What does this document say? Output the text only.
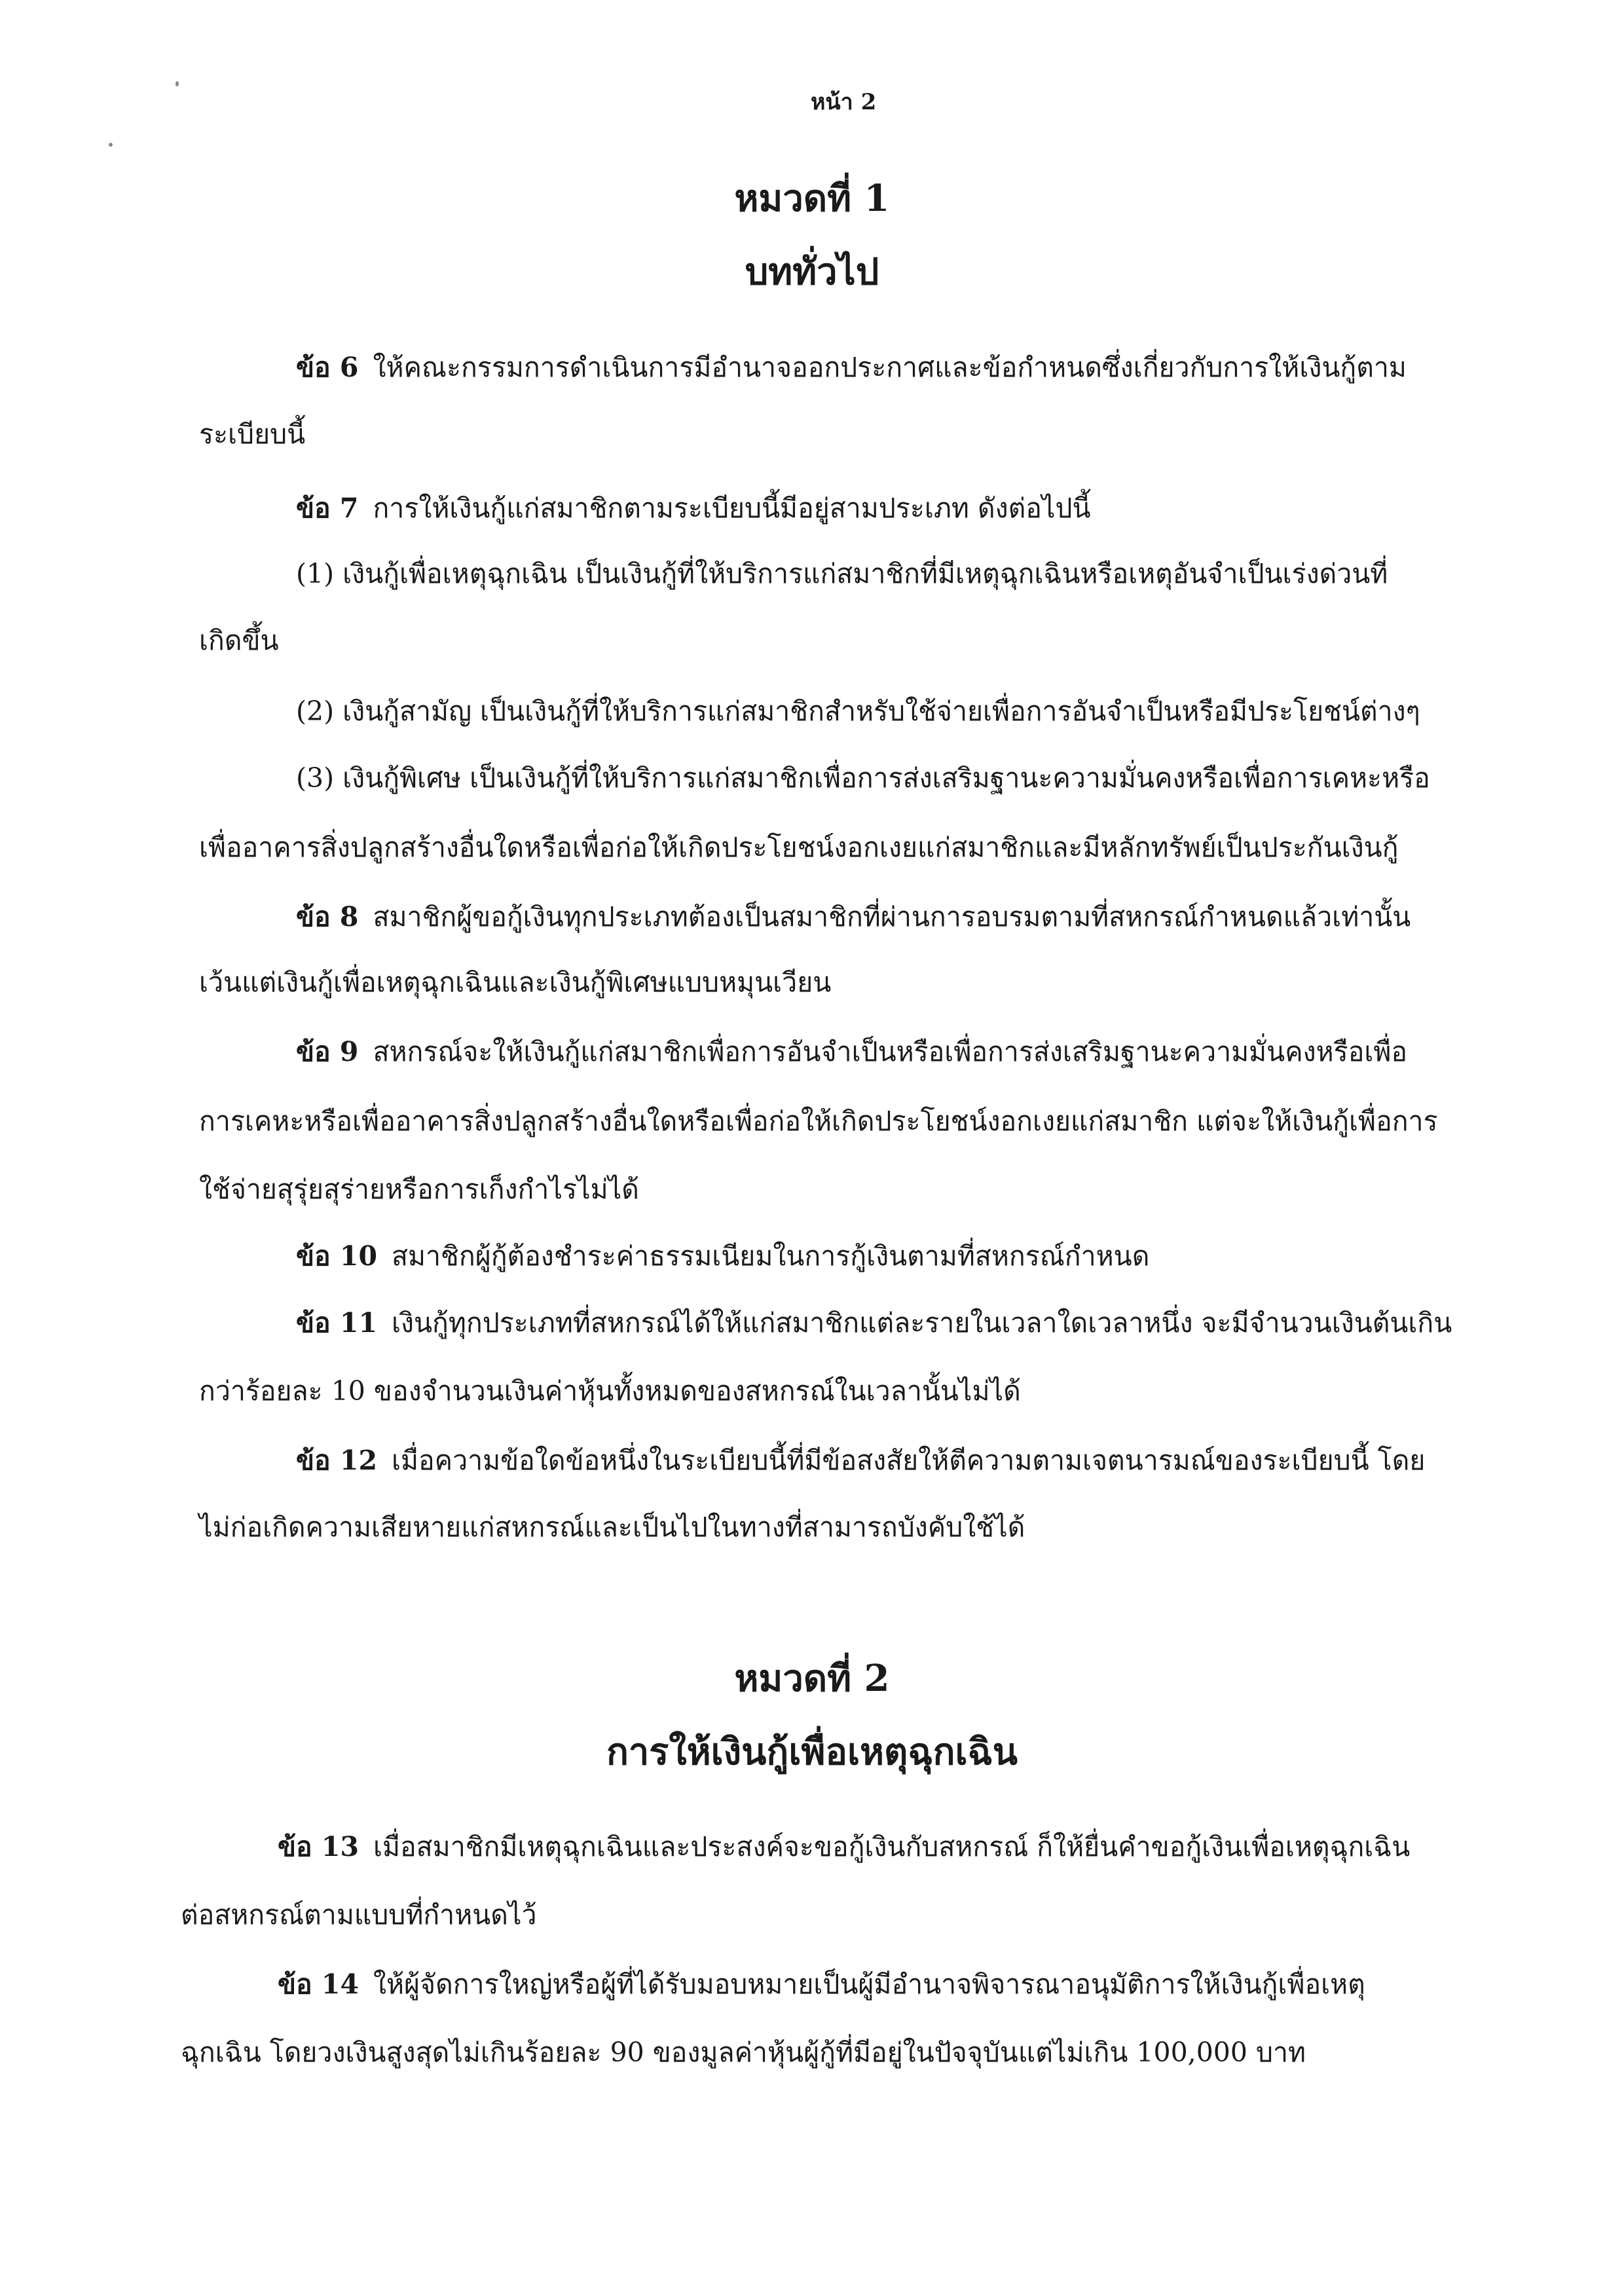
หน้า 2
หมวดที่ 1
บททั่วไป
ข้อ 6 ให้คณะกรรมการดำเนินการมีอำนาจออกประกาศและข้อกำหนดซึ่งเกี่ยวกับการให้เงินกู้ตาม
ระเบียบนี้
ข้อ 7 การให้เงินกู้แก่สมาชิกตามระเบียบนี้มีอยู่สามประเภท ดังต่อไปนี้
(1) เงินกู้เพื่อเหตุฉุกเฉิน เป็นเงินกู้ที่ให้บริการแก่สมาชิกที่มีเหตุฉุกเฉินหรือเหตุอันจำเป็นเร่งด่วนที่
เกิดขึ้น
(2) เงินกู้สามัญ เป็นเงินกู้ที่ให้บริการแก่สมาชิกสำหรับใช้จ่ายเพื่อการอันจำเป็นหรือมีประโยชน์ต่างๆ
(3) เงินกู้พิเศษ เป็นเงินกู้ที่ให้บริการแก่สมาชิกเพื่อการส่งเสริมฐานะความมั่นคงหรือเพื่อการเคหะหรือ
เพื่ออาคารสิ่งปลูกสร้างอื่นใดหรือเพื่อก่อให้เกิดประโยชน์งอกเงยแก่สมาชิกและมีหลักทรัพย์เป็นประกันเงินกู้
ข้อ 8 สมาชิกผู้ขอกู้เงินทุกประเภทต้องเป็นสมาชิกที่ผ่านการอบรมตามที่สหกรณ์กำหนดแล้วเท่านั้น
เว้นแต่เงินกู้เพื่อเหตุฉุกเฉินและเงินกู้พิเศษแบบหมุนเวียน
ข้อ 9 สหกรณ์จะให้เงินกู้แก่สมาชิกเพื่อการอันจำเป็นหรือเพื่อการส่งเสริมฐานะความมั่นคงหรือเพื่อ
การเคหะหรือเพื่ออาคารสิ่งปลูกสร้างอื่นใดหรือเพื่อก่อให้เกิดประโยชน์งอกเงยแก่สมาชิก แต่จะให้เงินกู้เพื่อการ
ใช้จ่ายสุรุ่ยสุร่ายหรือการเก็งกำไรไม่ได้
ข้อ 10 สมาชิกผู้กู้ต้องชำระค่าธรรมเนียมในการกู้เงินตามที่สหกรณ์กำหนด
ข้อ 11 เงินกู้ทุกประเภทที่สหกรณ์ได้ให้แก่สมาชิกแต่ละรายในเวลาใดเวลาหนึ่ง จะมีจำนวนเงินต้นเกิน
กว่าร้อยละ 10 ของจำนวนเงินค่าหุ้นทั้งหมดของสหกรณ์ในเวลานั้นไม่ได้
ข้อ 12 เมื่อความข้อใดข้อหนึ่งในระเบียบนี้ที่มีข้อสงสัยให้ตีความตามเจตนารมณ์ของระเบียบนี้ โดย
ไม่ก่อเกิดความเสียหายแก่สหกรณ์และเป็นไปในทางที่สามารถบังคับใช้ได้
หมวดที่ 2
การให้เงินกู้เพื่อเหตุฉุกเฉิน
ข้อ 13 เมื่อสมาชิกมีเหตุฉุกเฉินและประสงค์จะขอกู้เงินกับสหกรณ์ ก็ให้ยื่นคำขอกู้เงินเพื่อเหตุฉุกเฉิน
ต่อสหกรณ์ตามแบบที่กำหนดไว้
ข้อ 14 ให้ผู้จัดการใหญ่หรือผู้ที่ได้รับมอบหมายเป็นผู้มีอำนาจพิจารณาอนุมัติการให้เงินกู้เพื่อเหตุ
ฉุกเฉิน โดยวงเงินสูงสุดไม่เกินร้อยละ 90 ของมูลค่าหุ้นผู้กู้ที่มีอยู่ในปัจจุบันแต่ไม่เกิน 100,000 บาท
